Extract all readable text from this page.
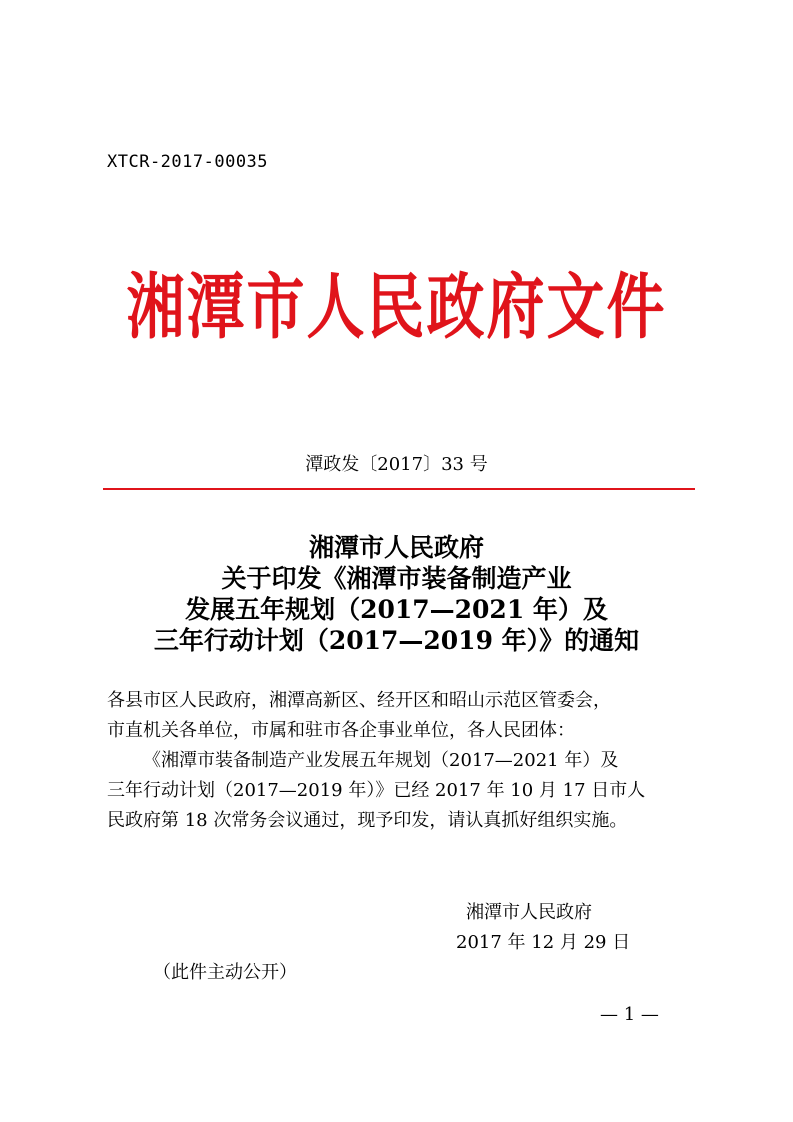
XTCR-2017-00035
湘潭市人民政府文件
潭政发〔2017〕33 号
湘潭市人民政府
关于印发《湘潭市装备制造产业
发展五年规划（2017—2021 年）及
三年行动计划（2017—2019 年）》的通知
各县市区人民政府，湘潭高新区、经开区和昭山示范区管委会，
市直机关各单位，市属和驻市各企事业单位，各人民团体：
《湘潭市装备制造产业发展五年规划（2017—2021 年）及
三年行动计划（2017—2019 年）》已经 2017 年 10 月 17 日市人
民政府第 18 次常务会议通过，现予印发，请认真抓好组织实施。
湘潭市人民政府
2017 年 12 月 29 日
（此件主动公开）
— 1 —
